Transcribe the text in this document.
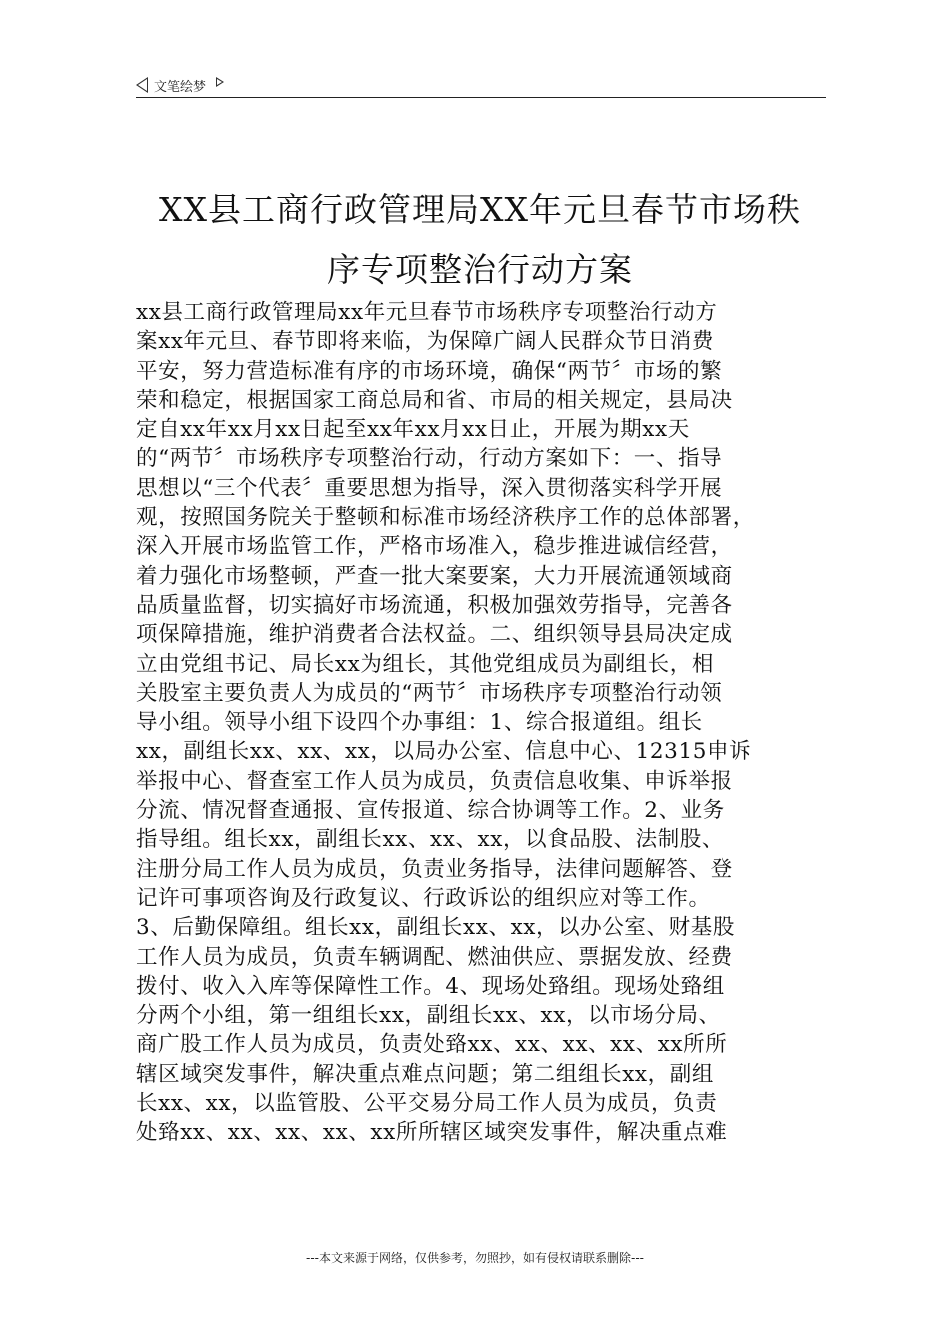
文笔绘梦
XX县工商行政管理局XX年元旦春节市场秩
序专项整治行动方案
xx县工商行政管理局xx年元旦春节市场秩序专项整治行动方
案xx年元旦、春节即将来临，为保障广阔人民群众节日消费
平安，努力营造标准有序的市场环境，确保“两节〞市场的繁
荣和稳定，根据国家工商总局和省、市局的相关规定，县局决
定自xx年xx月xx日起至xx年xx月xx日止，开展为期xx天
的“两节〞市场秩序专项整治行动，行动方案如下：一、指导
思想以“三个代表〞重要思想为指导，深入贯彻落实科学开展
观，按照国务院关于整顿和标准市场经济秩序工作的总体部署，
深入开展市场监管工作，严格市场准入，稳步推进诚信经营，
着力强化市场整顿，严查一批大案要案，大力开展流通领域商
品质量监督，切实搞好市场流通，积极加强效劳指导，完善各
项保障措施，维护消费者合法权益。二、组织领导县局决定成
立由党组书记、局长xx为组长，其他党组成员为副组长，相
关股室主要负责人为成员的“两节〞市场秩序专项整治行动领
导小组。领导小组下设四个办事组：1、综合报道组。组长
xx，副组长xx、xx、xx，以局办公室、信息中心、12315申诉
举报中心、督查室工作人员为成员，负责信息收集、申诉举报
分流、情况督查通报、宣传报道、综合协调等工作。2、业务
指导组。组长xx，副组长xx、xx、xx，以食品股、法制股、
注册分局工作人员为成员，负责业务指导，法律问题解答、登
记许可事项咨询及行政复议、行政诉讼的组织应对等工作。
3、后勤保障组。组长xx，副组长xx、xx，以办公室、财基股
工作人员为成员，负责车辆调配、燃油供应、票据发放、经费
拨付、收入入库等保障性工作。4、现场处臵组。现场处臵组
分两个小组，第一组组长xx，副组长xx、xx，以市场分局、
商广股工作人员为成员，负责处臵xx、xx、xx、xx、xx所所
辖区域突发事件，解决重点难点问题；第二组组长xx，副组
长xx、xx，以监管股、公平交易分局工作人员为成员，负责
处臵xx、xx、xx、xx、xx所所辖区域突发事件，解决重点难
---本文来源于网络，仅供参考，勿照抄，如有侵权请联系删除---
